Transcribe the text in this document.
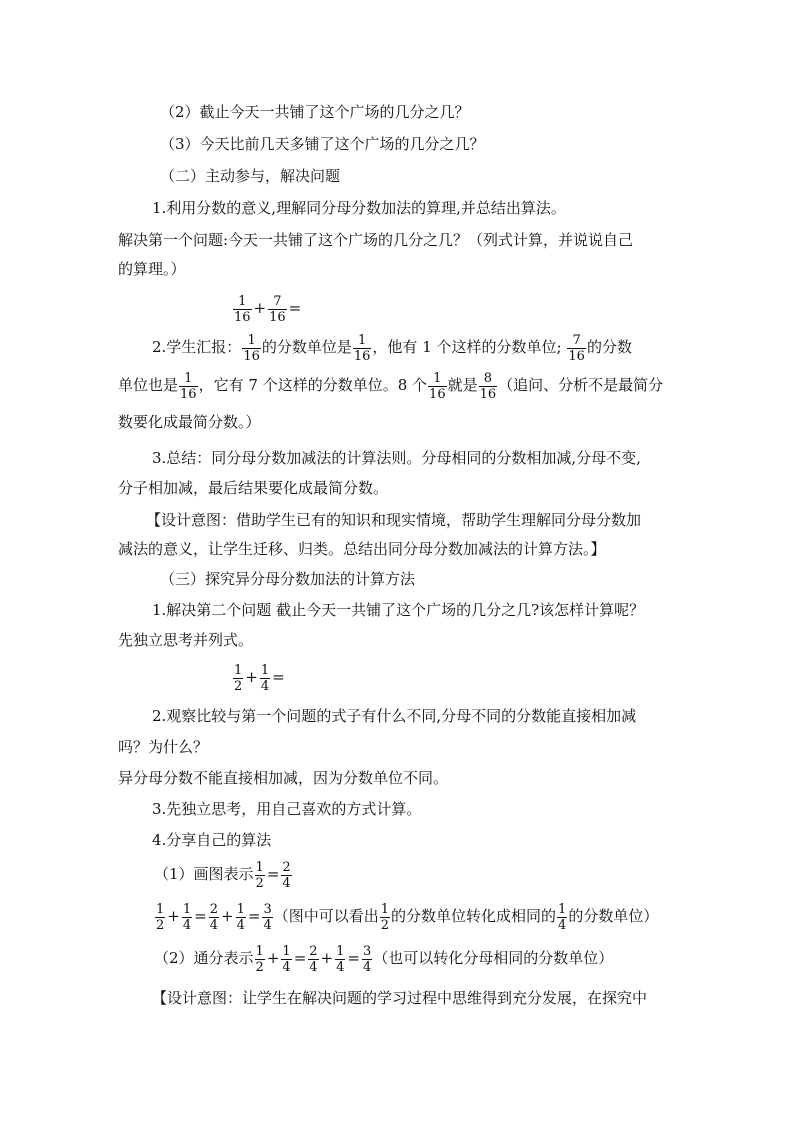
（2）截止今天一共铺了这个广场的几分之几？
（3）今天比前几天多铺了这个广场的几分之几？
（二）主动参与，解决问题
1.利用分数的意义,理解同分母分数加法的算理,并总结出算法。
解决第一个问题:今天一共铺了这个广场的几分之几？（列式计算，并说说自己
的算理。）
$\frac{1}{16} + \frac{7}{16}$ =
2.学生汇报： $\frac{1}{16}$ 的分数单位是 $\frac{1}{16}$ ，他有 1 个这样的分数单位; $\frac{7}{16}$ 的分数
单位也是 $\frac{1}{16}$ ，它有 7 个这样的分数单位。8 个 $\frac{1}{16}$ 就是 $\frac{8}{16}$ （追问、分析不是最简分
数要化成最简分数。）
3.总结：同分母分数加减法的计算法则。分母相同的分数相加减,分母不变,
分子相加减，最后结果要化成最简分数。
【设计意图：借助学生已有的知识和现实情境，帮助学生理解同分母分数加
减法的意义，让学生迁移、归类。总结出同分母分数加减法的计算方法。】
（三）探究异分母分数加法的计算方法
1.解决第二个问题 截止今天一共铺了这个广场的几分之几?该怎样计算呢？
先独立思考并列式。
$\frac{1}{2} + \frac{1}{4}$ =
2.观察比较与第一个问题的式子有什么不同,分母不同的分数能直接相加减
吗？为什么？
异分母分数不能直接相加减，因为分数单位不同。
3.先独立思考，用自己喜欢的方式计算。
4.分享自己的算法
（1）画图表示 $\frac{1}{2} = \frac{2}{4}$
$\frac{1}{2} + \frac{1}{4} = \frac{2}{4} + \frac{1}{4} = \frac{3}{4}$ （图中可以看出 $\frac{1}{2}$ 的分数单位转化成相同的 $\frac{1}{4}$ 的分数单位）
（2）通分表示 $\frac{1}{2} + \frac{1}{4} = \frac{2}{4} + \frac{1}{4} = \frac{3}{4}$ （也可以转化分母相同的分数单位）
【设计意图：让学生在解决问题的学习过程中思维得到充分发展，在探究中
